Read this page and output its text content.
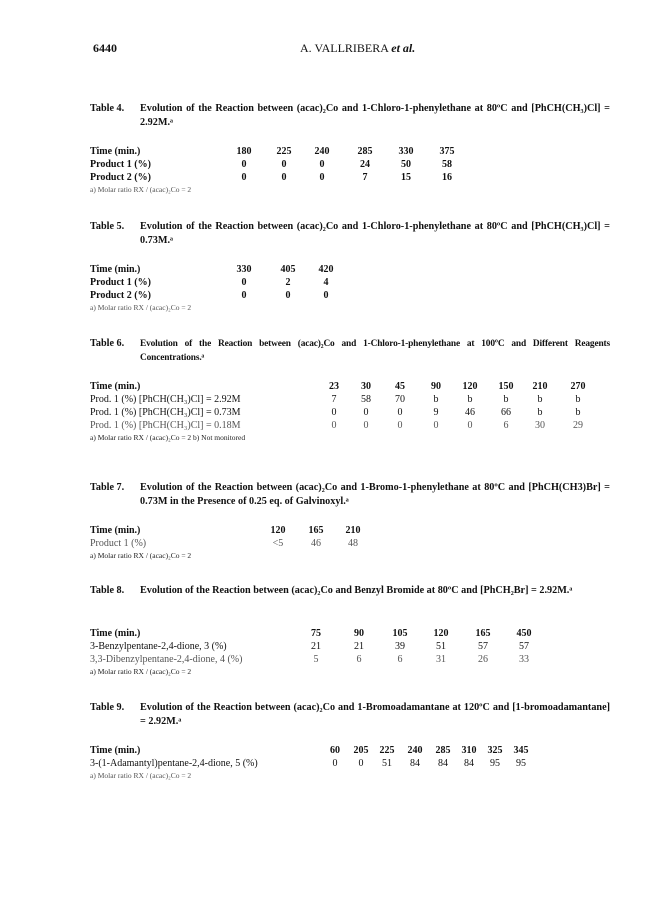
6440	A. VALLRIBERA et al.
Table 4. Evolution of the Reaction between (acac)₂Co and 1-Chloro-1-phenylethane at 80ºC and [PhCH(CH₃)Cl] = 2.92M.ᵃ
Time (min.)	180	225	240	285	330	375
Product 1 (%)	0	0	0	24	50	58
Product 2 (%)	0	0	0	7	15	16
a) Molar ratio RX / (acac)₂Co = 2
Table 5. Evolution of the Reaction between (acac)₂Co and 1-Chloro-1-phenylethane at 80ºC and [PhCH(CH₃)Cl] = 0.73M.ᵃ
Time (min.)	330	405	420
Product 1 (%)	0	2	4
Product 2 (%)	0	0	0
a) Molar ratio RX / (acac)₂Co = 2
Table 6. Evolution of the Reaction between (acac)₂Co and 1-Chloro-1-phenylethane at 100ºC and Different Reagents Concentrations.ᵃ
Time (min.)	23	30	45	90	120	150	210	270
Prod. 1 (%) [PhCH(CH₃)Cl] = 2.92M	7	58	70	b	b	b	b	b
Prod. 1 (%) [PhCH(CH₃)Cl] = 0.73M	0	0	0	9	46	66	b	b
Prod. 1 (%) [PhCH(CH₃)Cl] = 0.18M	0	0	0	0	0	6	30	29
a) Molar ratio RX / (acac)₂Co = 2 b) Not monitored
Table 7. Evolution of the Reaction between (acac)₂Co and 1-Bromo-1-phenylethane at 80ºC and [PhCH(CH3)Br] = 0.73M in the Presence of 0.25 eq. of Galvinoxyl.ᵃ
Time (min.)	120	165	210
Product 1 (%)	<5	46	48
a) Molar ratio RX / (acac)₂Co = 2
Table 8. Evolution of the Reaction between (acac)₂Co and Benzyl Bromide at 80ºC and [PhCH₂Br] = 2.92M.ᵃ
Time (min.)	75	90	105	120	165	450
3-Benzylpentane-2,4-dione, 3 (%)	21	21	39	51	57	57
3,3-Dibenzylpentane-2,4-dione, 4 (%)	5	6	6	31	26	33
a) Molar ratio RX / (acac)₂Co = 2
Table 9. Evolution of the Reaction between (acac)₂Co and 1-Bromoadamantane at 120ºC and [1-bromoadamantane] = 2.92M.ᵃ
Time (min.)	60	205	225	240	285	310	325	345
3-(1-Adamantyl)pentane-2,4-dione, 5 (%)	0	0	51	84	84	84	95	95
a) Molar ratio RX / (acac)₂Co = 2
